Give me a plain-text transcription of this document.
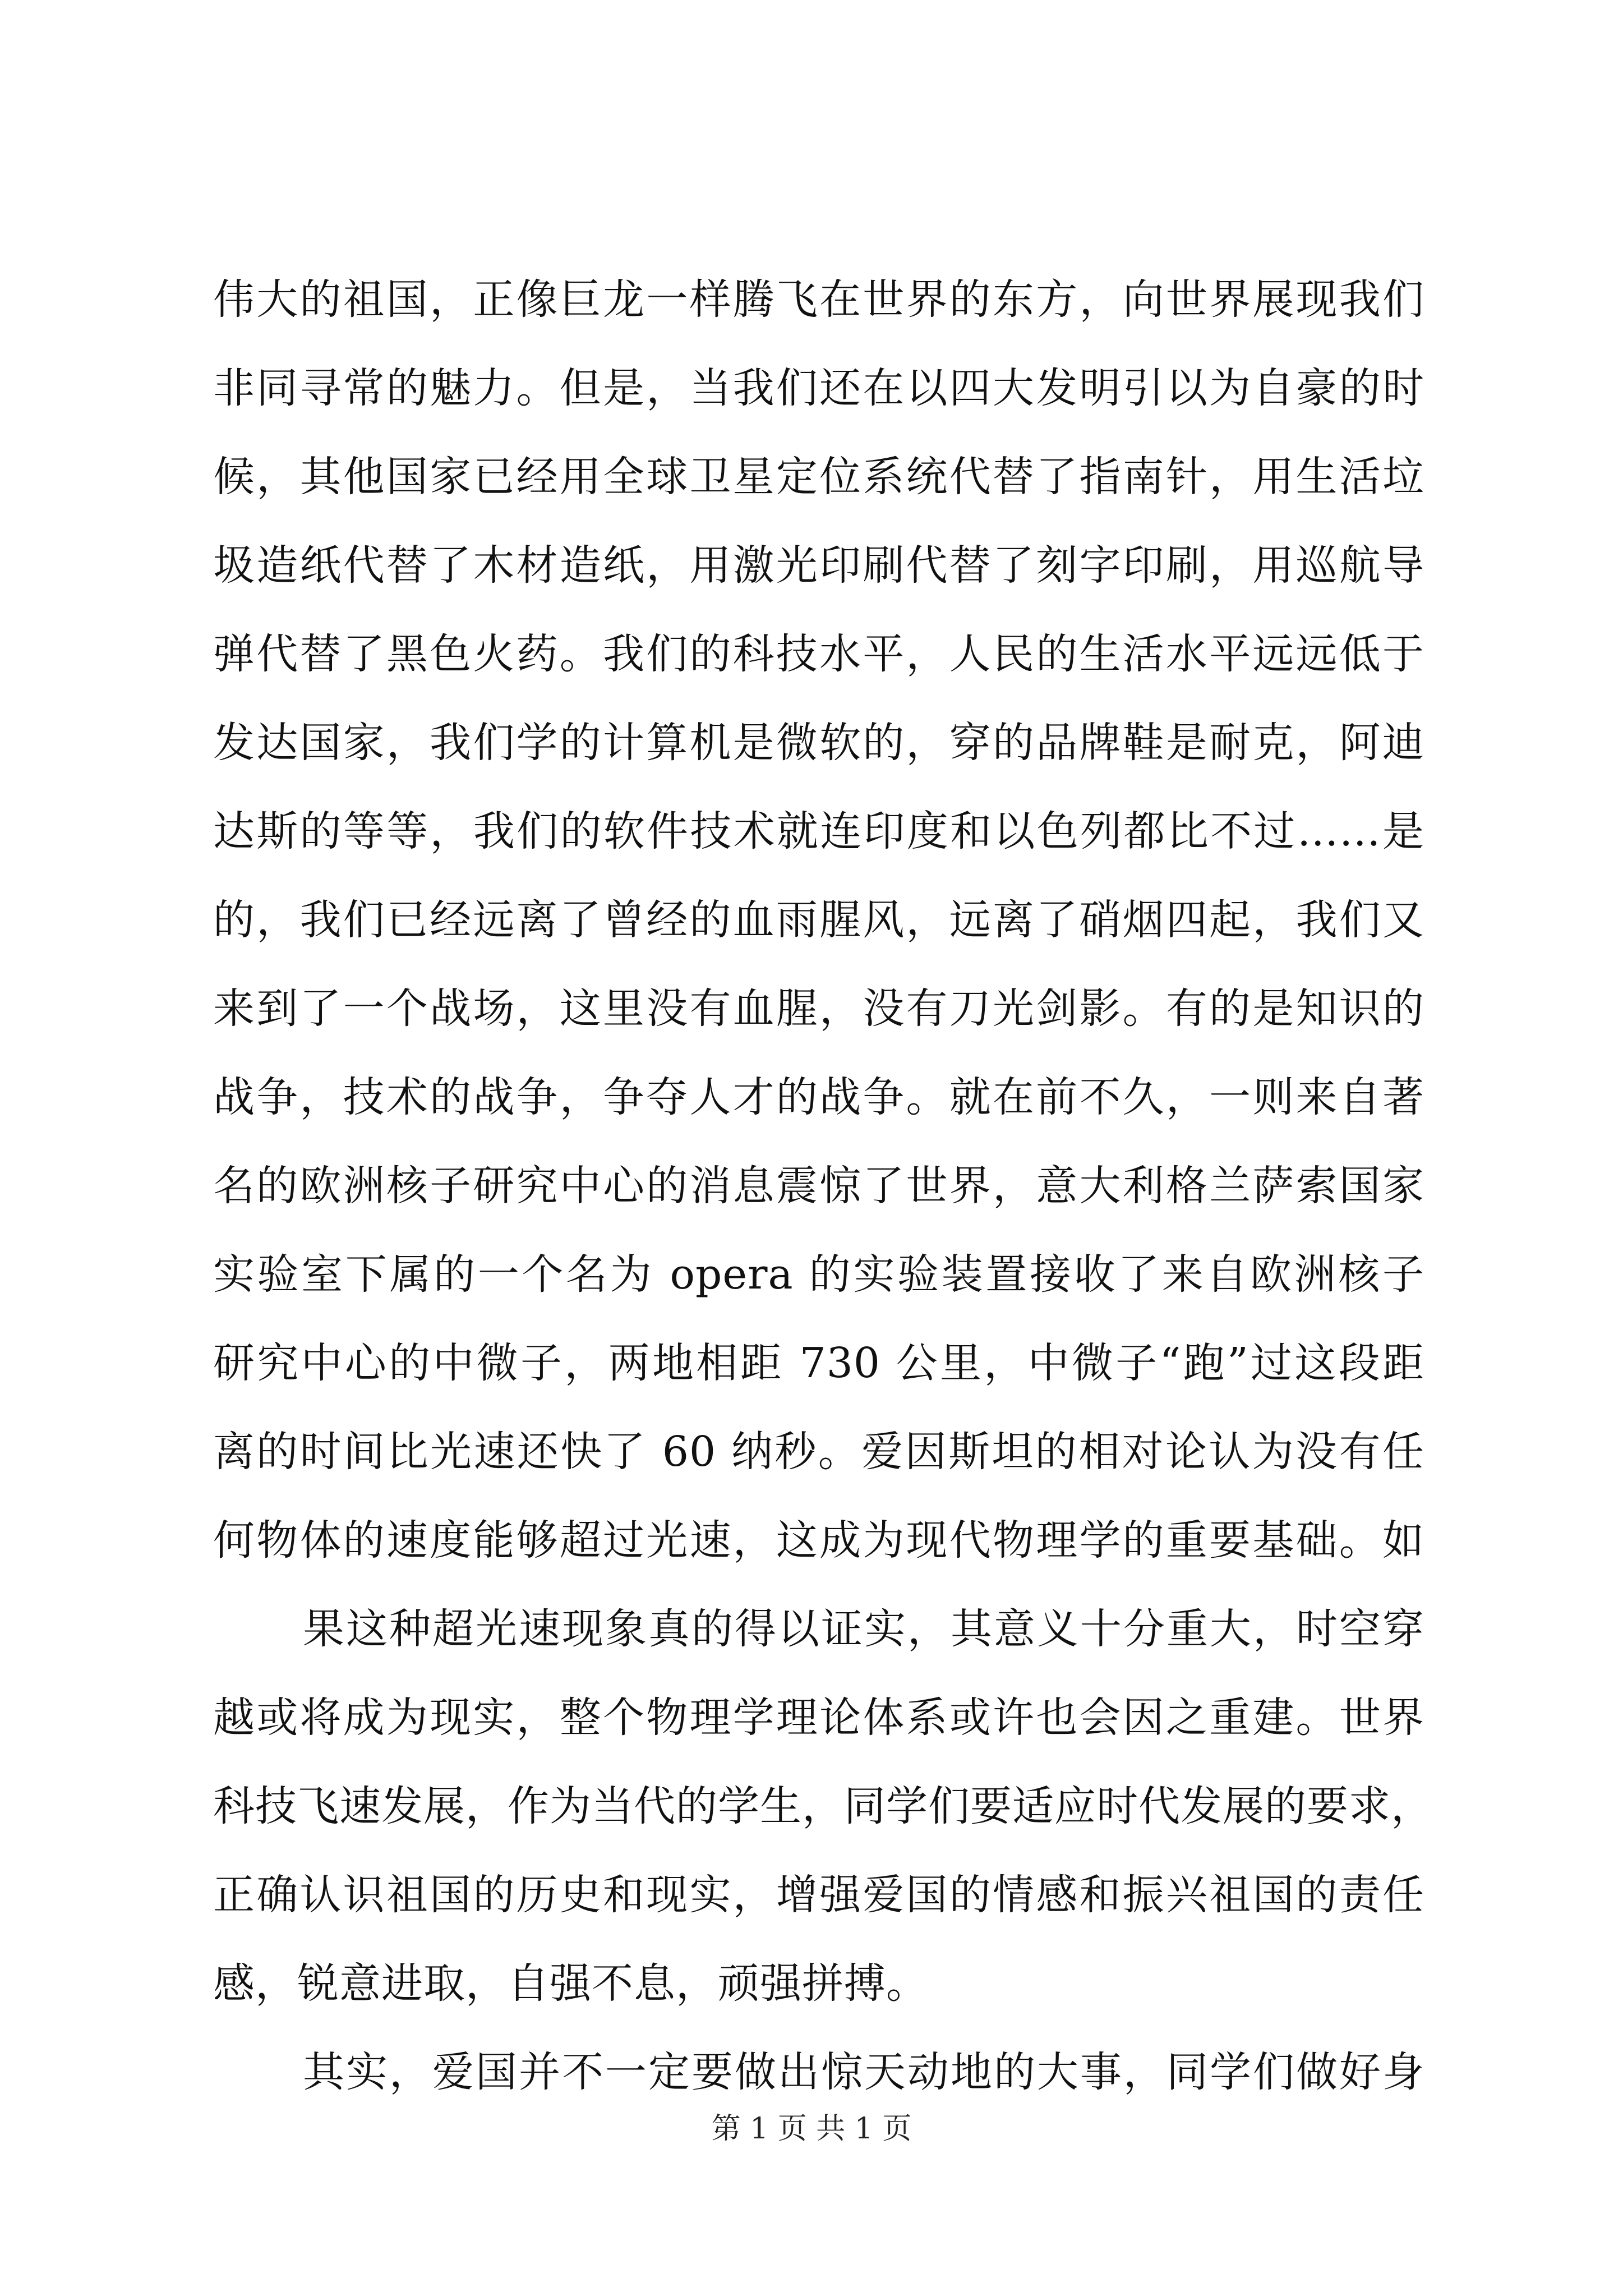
伟大的祖国，正像巨龙一样腾飞在世界的东方，向世界展现我们
非同寻常的魅力。但是，当我们还在以四大发明引以为自豪的时
候，其他国家已经用全球卫星定位系统代替了指南针，用生活垃
圾造纸代替了木材造纸，用激光印刷代替了刻字印刷，用巡航导
弹代替了黑色火药。我们的科技水平，人民的生活水平远远低于
发达国家，我们学的计算机是微软的，穿的品牌鞋是耐克，阿迪
达斯的等等，我们的软件技术就连印度和以色列都比不过……是
的，我们已经远离了曾经的血雨腥风，远离了硝烟四起，我们又
来到了一个战场，这里没有血腥，没有刀光剑影。有的是知识的
战争，技术的战争，争夺人才的战争。就在前不久，一则来自著
名的欧洲核子研究中心的消息震惊了世界，意大利格兰萨索国家
实验室下属的一个名为 opera 的实验装置接收了来自欧洲核子
研究中心的中微子，两地相距 730 公里，中微子“跑”过这段距
离的时间比光速还快了 60 纳秒。爱因斯坦的相对论认为没有任
何物体的速度能够超过光速，这成为现代物理学的重要基础。如
果这种超光速现象真的得以证实，其意义十分重大，时空穿
越或将成为现实，整个物理学理论体系或许也会因之重建。世界
科技飞速发展，作为当代的学生，同学们要适应时代发展的要求，
正确认识祖国的历史和现实，增强爱国的情感和振兴祖国的责任
感，锐意进取，自强不息，顽强拼搏。
其实，爱国并不一定要做出惊天动地的大事，同学们做好身
第 1 页 共 1 页
